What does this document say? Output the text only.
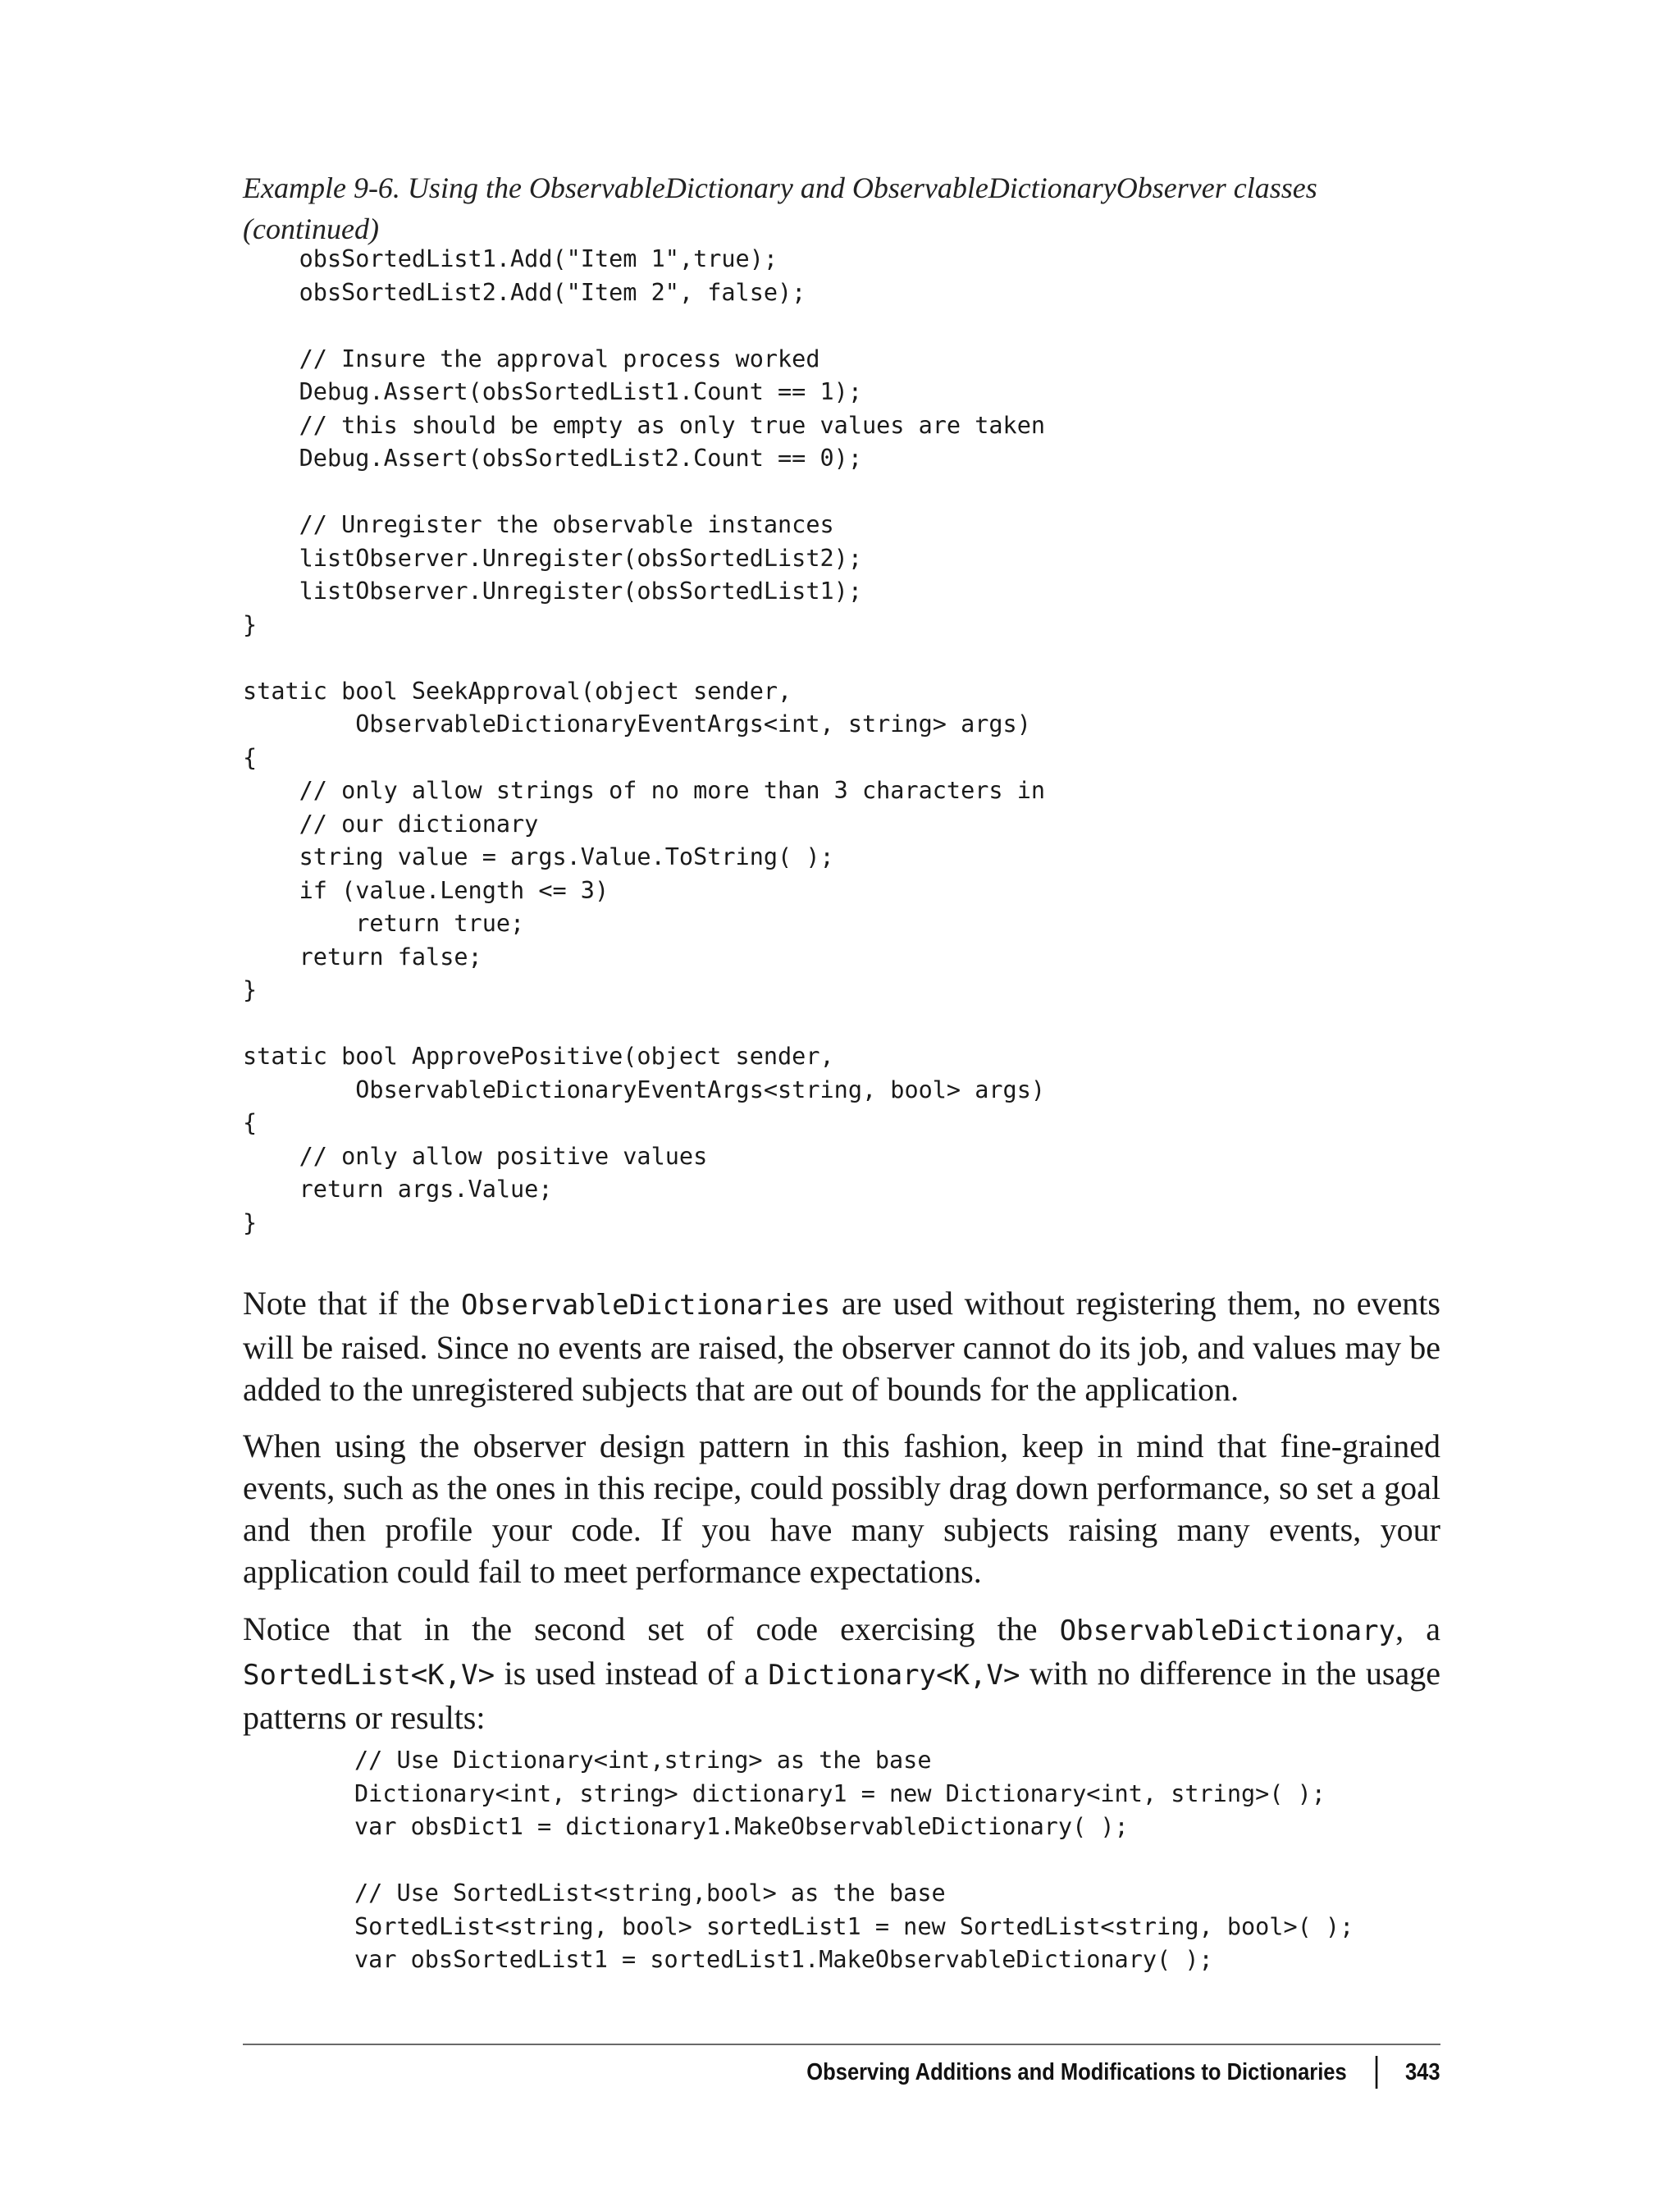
Example 9-6. Using the ObservableDictionary and ObservableDictionaryObserver classes (continued)

obsSortedList1.Add("Item 1",true);
obsSortedList2.Add("Item 2", false);

// Insure the approval process worked
Debug.Assert(obsSortedList1.Count == 1);
// this should be empty as only true values are taken
Debug.Assert(obsSortedList2.Count == 0);

// Unregister the observable instances
listObserver.Unregister(obsSortedList2);
listObserver.Unregister(obsSortedList1);
}

static bool SeekApproval(object sender,
ObservableDictionaryEventArgs<int, string> args)
{
// only allow strings of no more than 3 characters in
// our dictionary
string value = args.Value.ToString( );
if (value.Length <= 3)
return true;
return false;
}

static bool ApprovePositive(object sender,
ObservableDictionaryEventArgs<string, bool> args)
{
// only allow positive values
return args.Value;
}

Note that if the ObservableDictionaries are used without registering them, no events will be raised. Since no events are raised, the observer cannot do its job, and values may be added to the unregistered subjects that are out of bounds for the application.

When using the observer design pattern in this fashion, keep in mind that fine-grained events, such as the ones in this recipe, could possibly drag down performance, so set a goal and then profile your code. If you have many subjects raising many events, your application could fail to meet performance expectations.

Notice that in the second set of code exercising the ObservableDictionary, a SortedList<K,V> is used instead of a Dictionary<K,V> with no difference in the usage patterns or results:

// Use Dictionary<int,string> as the base
Dictionary<int, string> dictionary1 = new Dictionary<int, string>( );
var obsDict1 = dictionary1.MakeObservableDictionary( );

// Use SortedList<string,bool> as the base
SortedList<string, bool> sortedList1 = new SortedList<string, bool>( );
var obsSortedList1 = sortedList1.MakeObservableDictionary( );
Observing Additions and Modifications to Dictionaries 343
